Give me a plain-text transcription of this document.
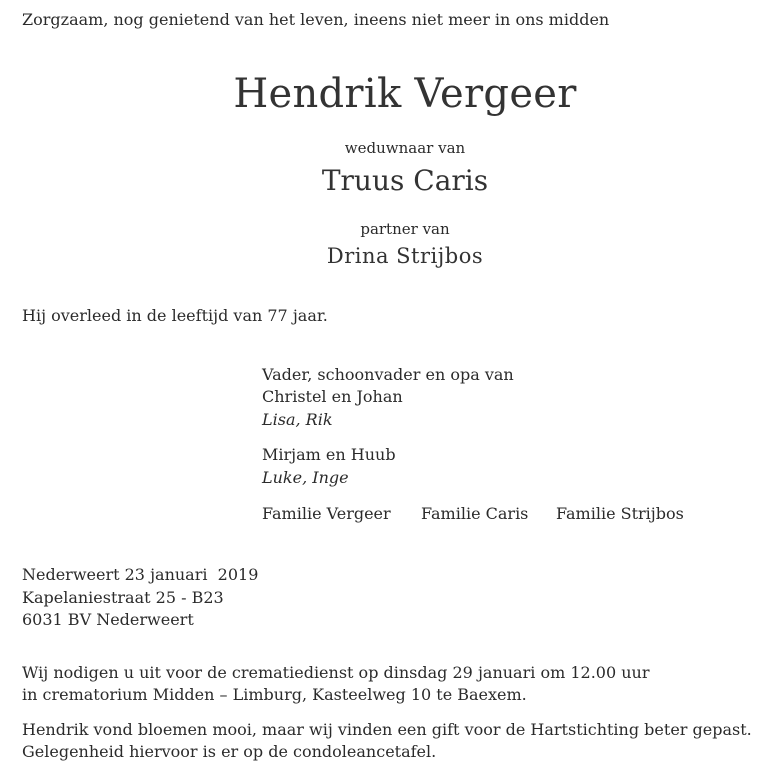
Zorgzaam, nog genietend van het leven, ineens niet meer in ons midden
Hendrik Vergeer
weduwnaar van
Truus Caris
partner van
Drina Strijbos
Hij overleed in de leeftijd van 77 jaar.
Vader, schoonvader en opa van
Christel en Johan
Lisa, Rik
Mirjam en Huub
Luke, Inge
Familie Vergeer Familie Caris Familie Strijbos
Nederweert 23 januari  2019
Kapelaniestraat 25 - B23
6031 BV Nederweert
Wij nodigen u uit voor de crematiedienst op dinsdag 29 januari om 12.00 uur
in crematorium Midden – Limburg, Kasteelweg 10 te Baexem.
Hendrik vond bloemen mooi, maar wij vinden een gift voor de Hartstichting beter gepast.
Gelegenheid hiervoor is er op de condoleancetafel.
